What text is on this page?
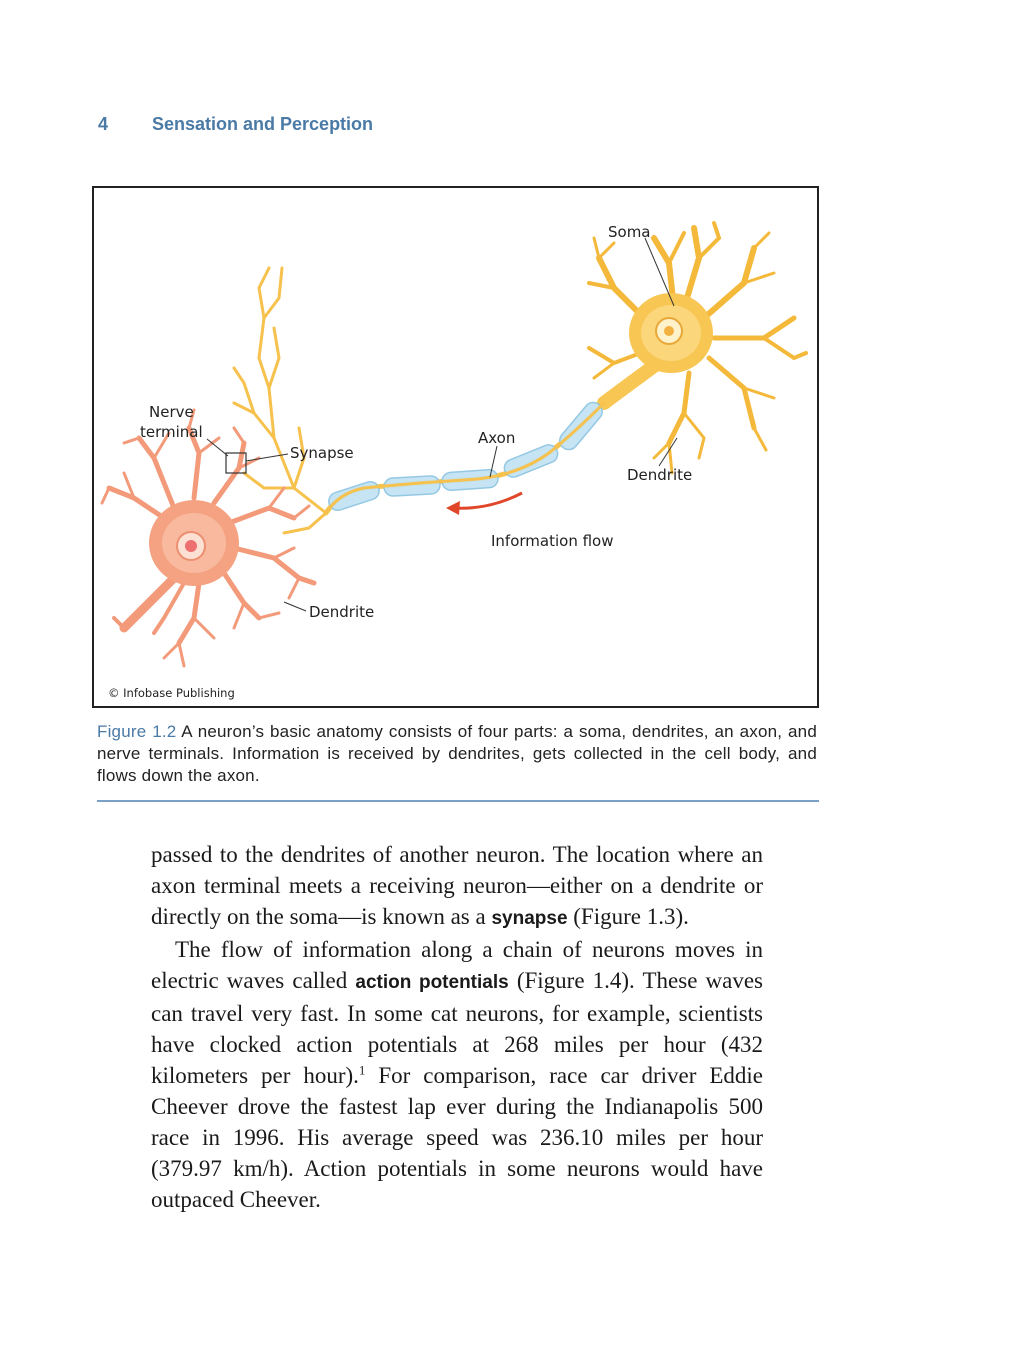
4 Sensation and Perception
Soma
Nerve
terminal
Synapse
Axon
Dendrite
Information flow
Dendrite
© Infobase Publishing
Figure 1.2 A neuron’s basic anatomy consists of four parts: a soma, dendrites, an axon, and nerve terminals. Information is received by dendrites, gets collected in the cell body, and flows down the axon.

passed to the dendrites of another neuron. The location where an axon terminal meets a receiving neuron—either on a dendrite or directly on the soma—is known as a synapse (Figure 1.3).

The flow of information along a chain of neurons moves in electric waves called action potentials (Figure 1.4). These waves can travel very fast. In some cat neurons, for example, scientists have clocked action potentials at 268 miles per hour (432 kilometers per hour).$^1$ For comparison, race car driver Eddie Cheever drove the fastest lap ever during the Indianapolis 500 race in 1996. His average speed was 236.10 miles per hour (379.97 km/h). Action potentials in some neurons would have outpaced Cheever.
